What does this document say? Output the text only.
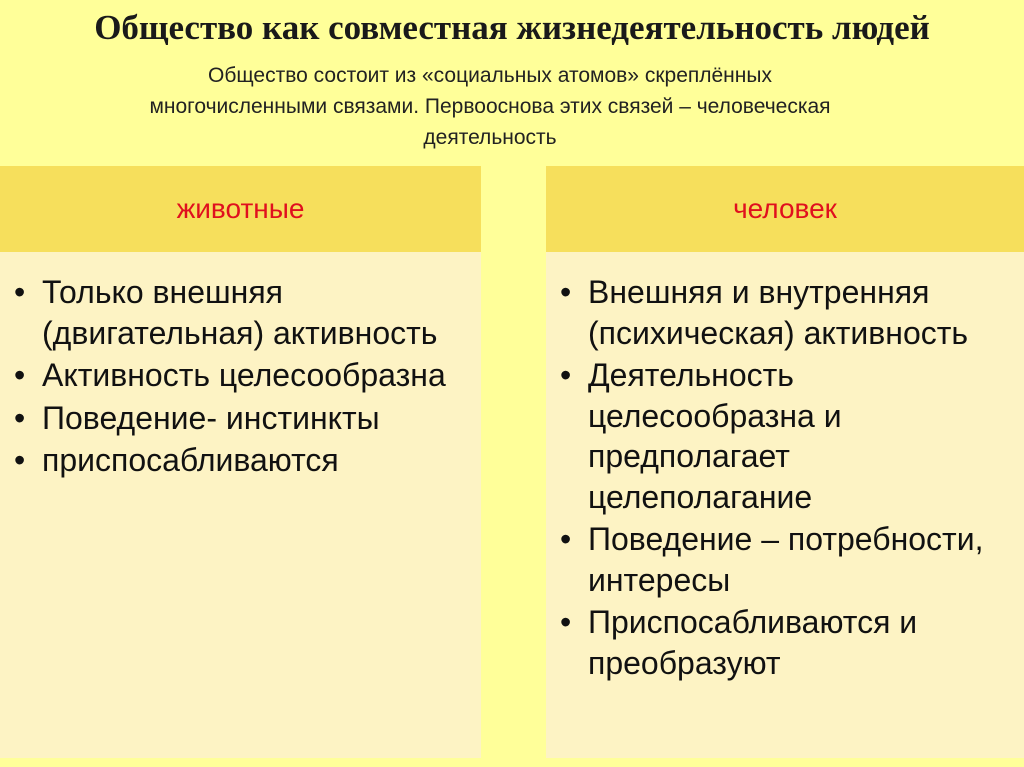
Общество как совместная жизнедеятельность людей
Общество состоит из «социальных атомов» скреплённых многочисленными связами. Первооснова этих связей – человеческая деятельность
животные	человек
• Только внешняя (двигательная) активность
• Активность целесообразна
• Поведение- инстинкты
• приспосабливаются
• Внешняя и внутренняя (психическая) активность
• Деятельность целесообразна и предполагает целеполагание
• Поведение – потребности, интересы
• Приспосабливаются и преобразуют
